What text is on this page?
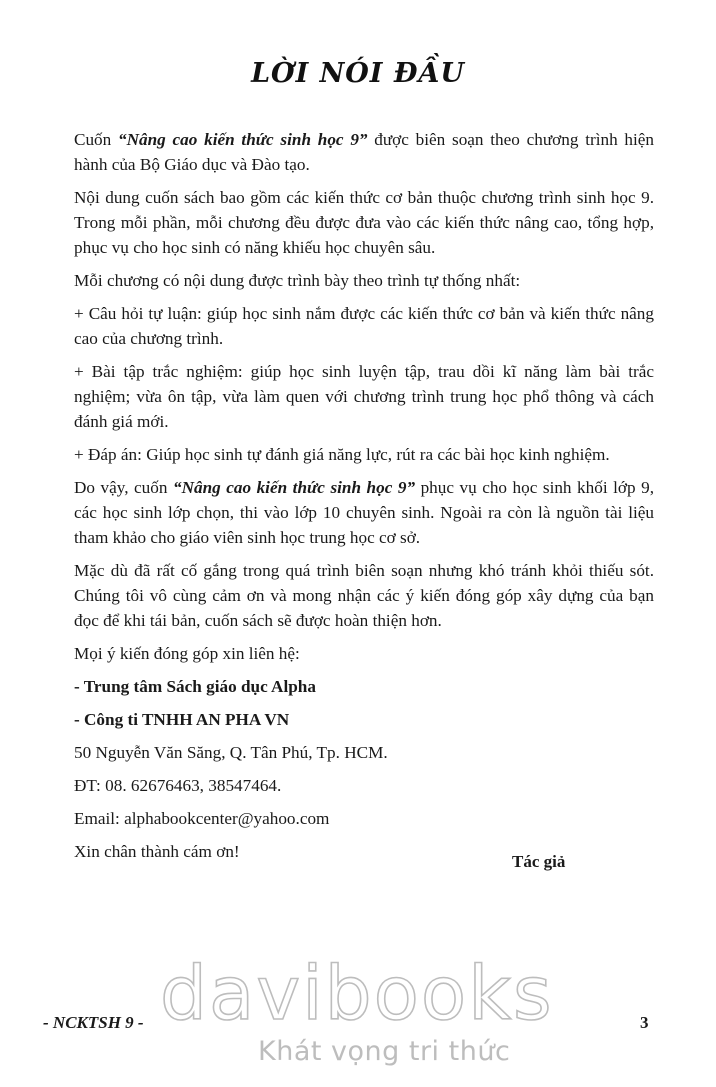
LỜI NÓI ĐẦU

Cuốn “Nâng cao kiến thức sinh học 9” được biên soạn theo chương trình hiện hành của Bộ Giáo dục và Đào tạo.

Nội dung cuốn sách bao gồm các kiến thức cơ bản thuộc chương trình sinh học 9. Trong mỗi phần, mỗi chương đều được đưa vào các kiến thức nâng cao, tổng hợp, phục vụ cho học sinh có năng khiếu học chuyên sâu.

Mỗi chương có nội dung được trình bày theo trình tự thống nhất:

+ Câu hỏi tự luận: giúp học sinh nắm được các kiến thức cơ bản và kiến thức nâng cao của chương trình.

+ Bài tập trắc nghiệm: giúp học sinh luyện tập, trau dồi kĩ năng làm bài trắc nghiệm; vừa ôn tập, vừa làm quen với chương trình trung học phổ thông và cách đánh giá mới.

+ Đáp án: Giúp học sinh tự đánh giá năng lực, rút ra các bài học kinh nghiệm.

Do vậy, cuốn “Nâng cao kiến thức sinh học 9” phục vụ cho học sinh khối lớp 9, các học sinh lớp chọn, thi vào lớp 10 chuyên sinh. Ngoài ra còn là nguồn tài liệu tham khảo cho giáo viên sinh học trung học cơ sở.

Mặc dù đã rất cố gắng trong quá trình biên soạn nhưng khó tránh khỏi thiếu sót. Chúng tôi vô cùng cảm ơn và mong nhận các ý kiến đóng góp xây dựng của bạn đọc để khi tái bản, cuốn sách sẽ được hoàn thiện hơn.

Mọi ý kiến đóng góp xin liên hệ:

- Trung tâm Sách giáo dục Alpha

- Công ti TNHH AN PHA VN

50 Nguyễn Văn Săng, Q. Tân Phú, Tp. HCM.

ĐT: 08. 62676463, 38547464.

Email: alphabookcenter@yahoo.com

Xin chân thành cám ơn!

Tác giả
davibooks
Khát vọng tri thức
- NCKTSH 9 -	3
